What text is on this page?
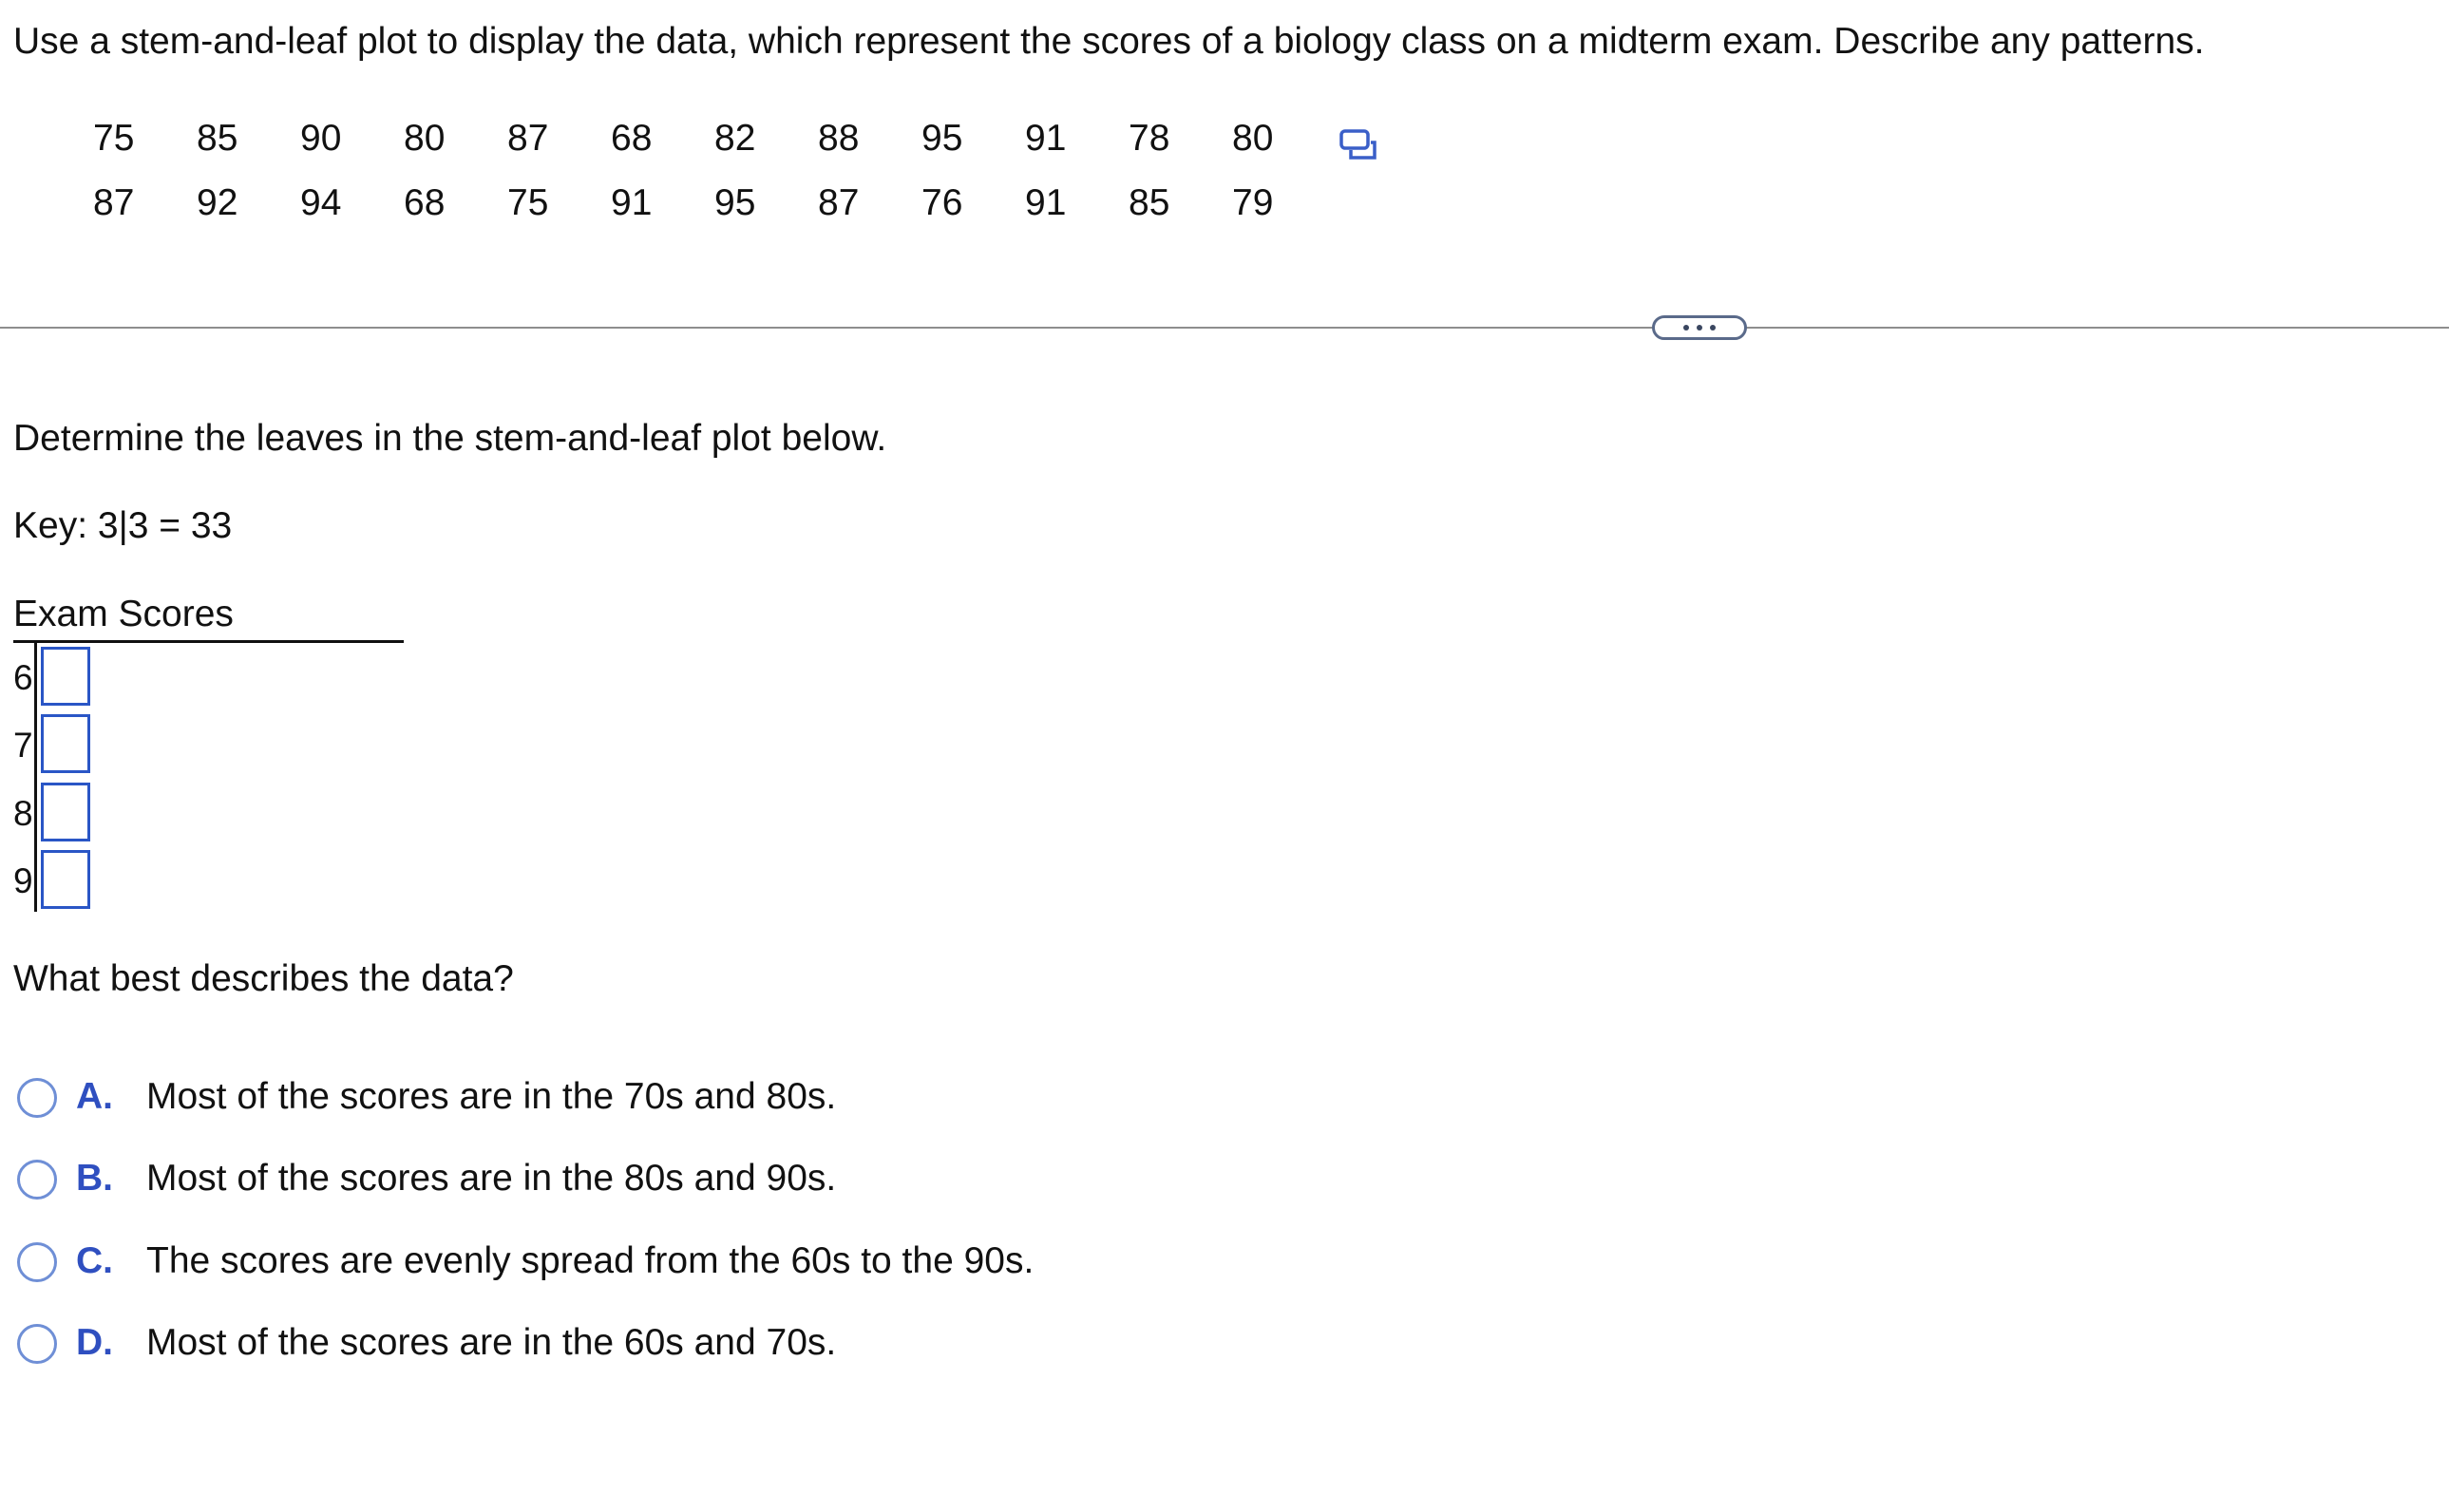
Use a stem-and-leaf plot to display the data, which represent the scores of a biology class on a midterm exam. Describe any patterns.
75 85 90 80 87 68 82 88 95 91 78 80
87 92 94 68 75 91 95 87 76 91 85 79
Determine the leaves in the stem-and-leaf plot below.
Key: 3|3 = 33
Exam Scores
6
7
8
9
What best describes the data?
A. Most of the scores are in the 70s and 80s.
B. Most of the scores are in the 80s and 90s.
C. The scores are evenly spread from the 60s to the 90s.
D. Most of the scores are in the 60s and 70s.
